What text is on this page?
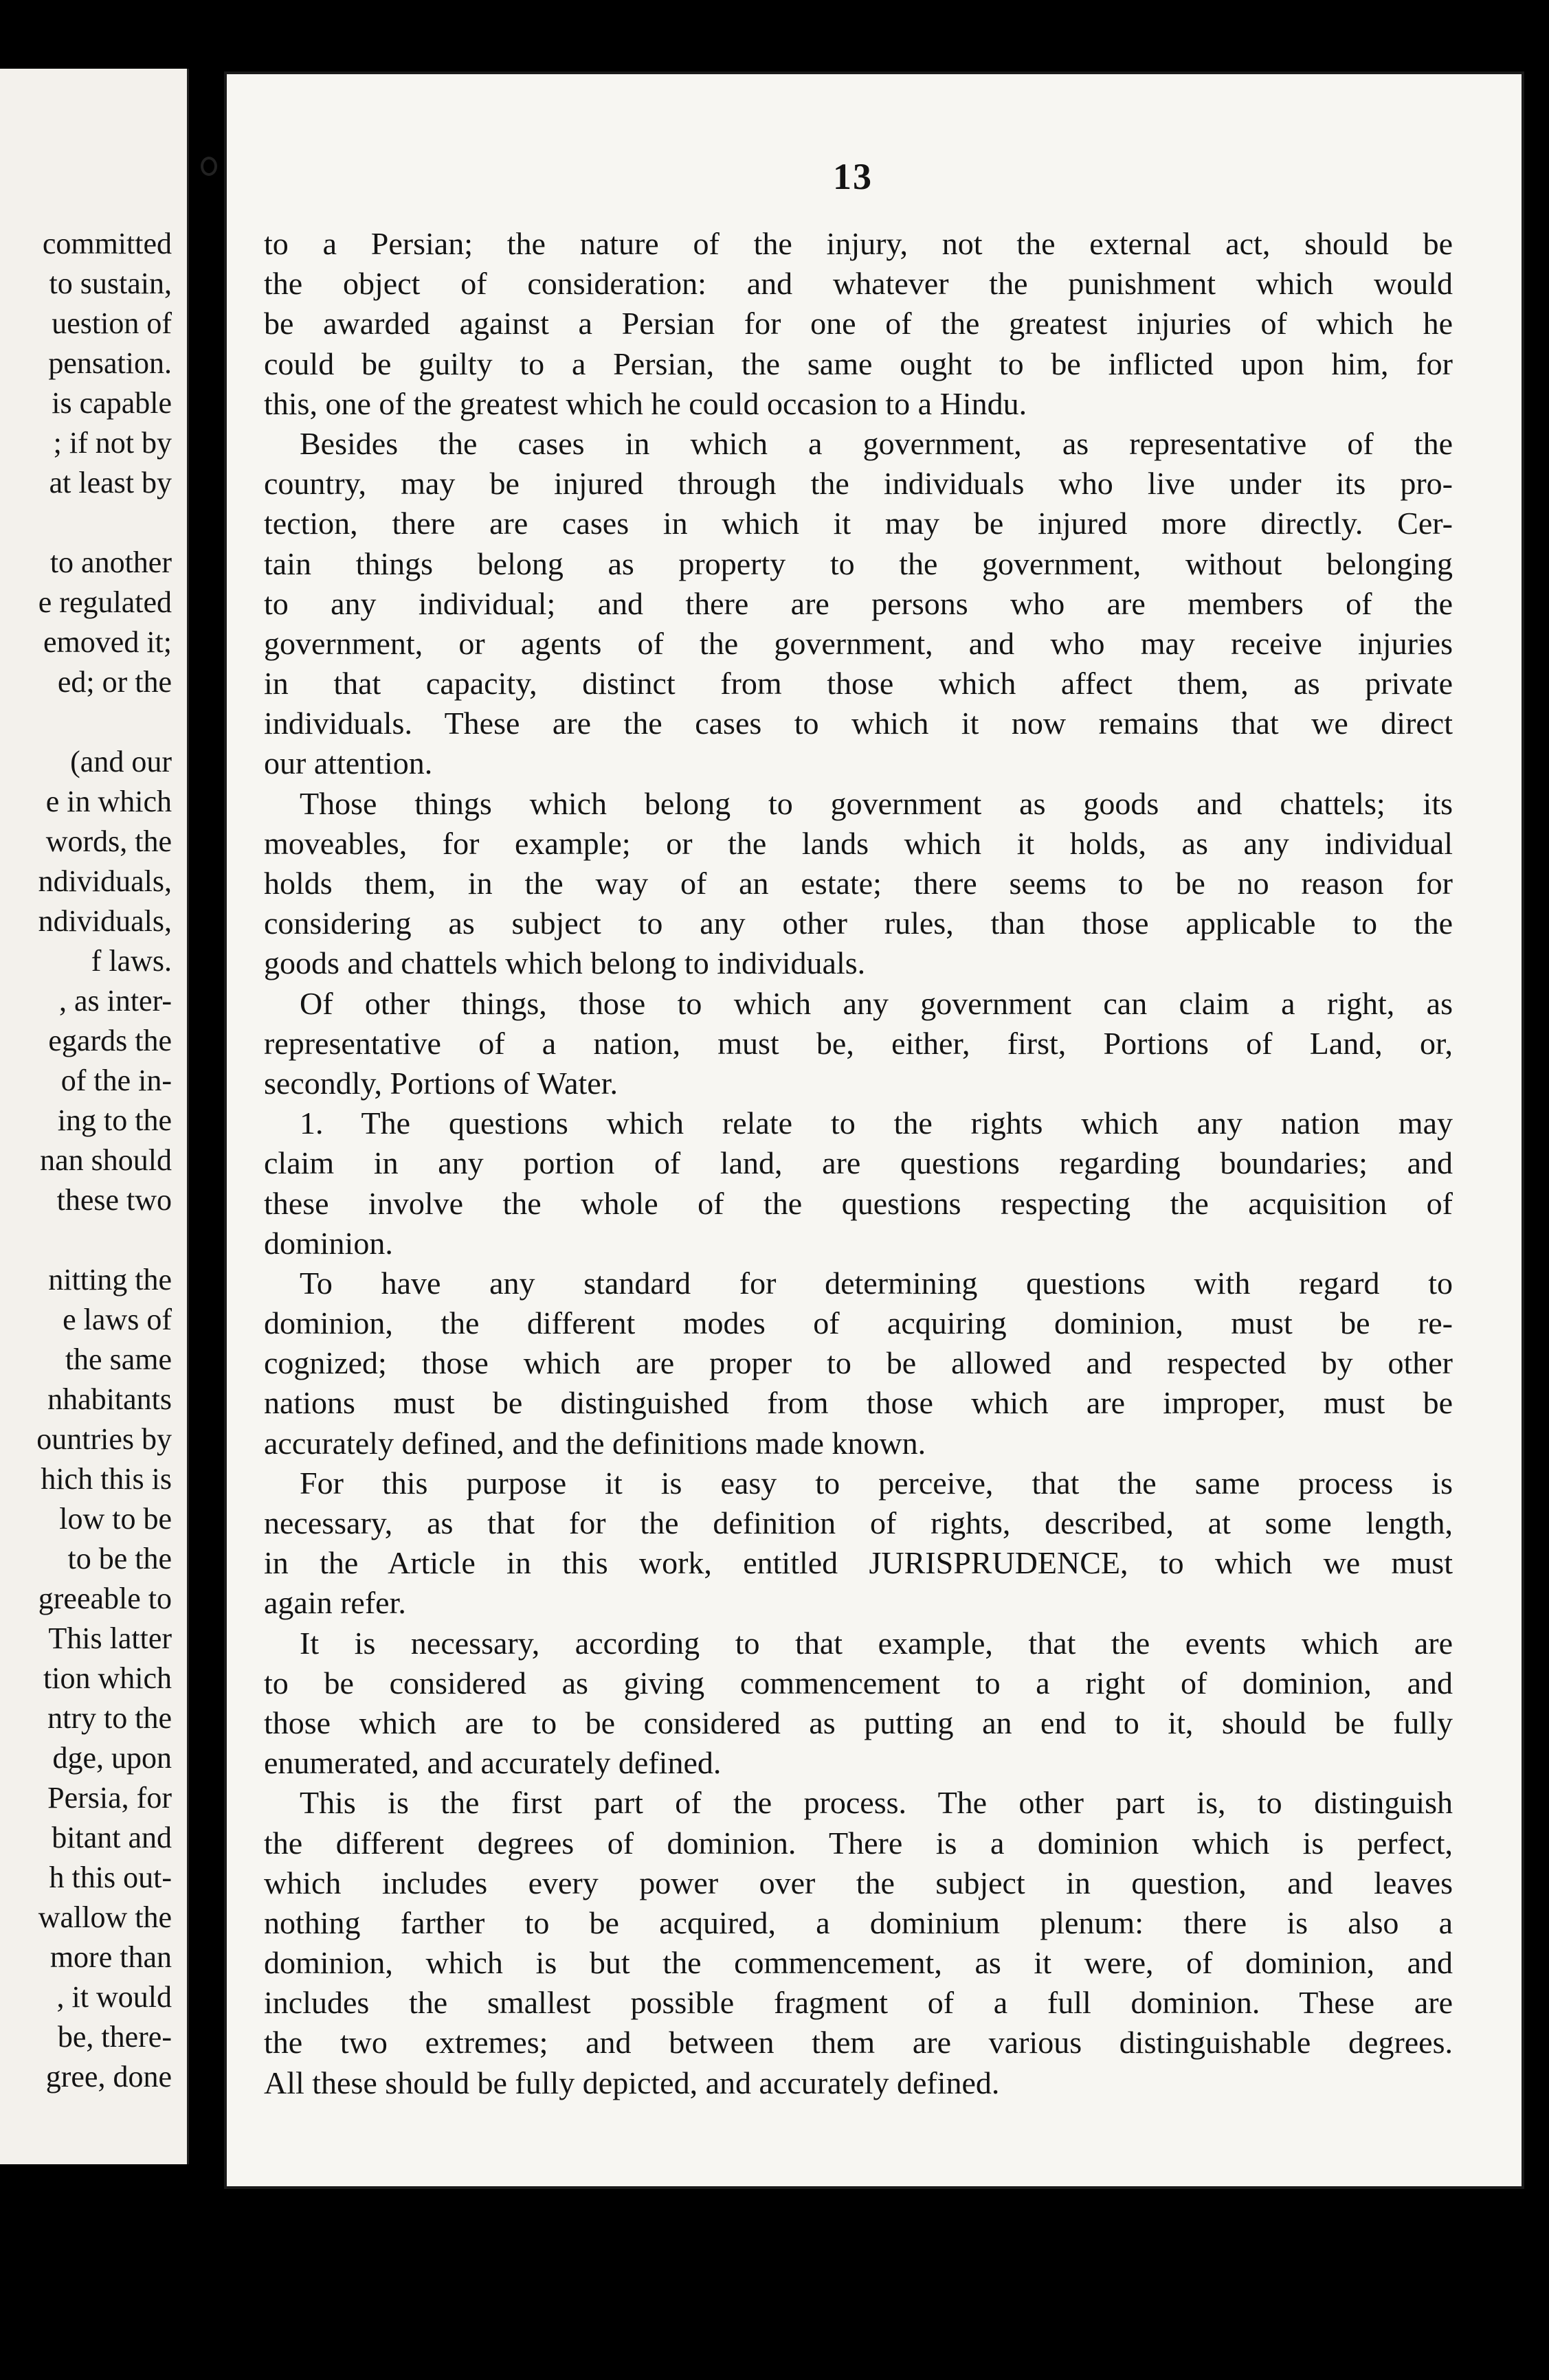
committed
to sustain,
uestion of
pensation.
is capable
; if not by
at least by
to another
e regulated
emoved it;
ed; or the
(and our
e in which
words, the
ndividuals,
ndividuals,
f laws.
, as inter-
egards the
of the in-
ing to the
nan should
these two
nitting the
e laws of
the same
nhabitants
ountries by
hich this is
low to be
to be the
greeable to
This latter
tion which
ntry to the
dge, upon
Persia, for
bitant and
h this out-
wallow the
more than
, it would
be, there-
gree, done
13
to a Persian; the nature of the injury, not the external act, should be
the object of consideration: and whatever the punishment which would
be awarded against a Persian for one of the greatest injuries of which he
could be guilty to a Persian, the same ought to be inflicted upon him, for
this, one of the greatest which he could occasion to a Hindu.
Besides the cases in which a government, as representative of the
country, may be injured through the individuals who live under its pro-
tection, there are cases in which it may be injured more directly. Cer-
tain things belong as property to the government, without belonging
to any individual; and there are persons who are members of the
government, or agents of the government, and who may receive injuries
in that capacity, distinct from those which affect them, as private
individuals. These are the cases to which it now remains that we direct
our attention.
Those things which belong to government as goods and chattels; its
moveables, for example; or the lands which it holds, as any individual
holds them, in the way of an estate; there seems to be no reason for
considering as subject to any other rules, than those applicable to the
goods and chattels which belong to individuals.
Of other things, those to which any government can claim a right, as
representative of a nation, must be, either, first, Portions of Land, or,
secondly, Portions of Water.
1. The questions which relate to the rights which any nation may
claim in any portion of land, are questions regarding boundaries; and
these involve the whole of the questions respecting the acquisition of
dominion.
To have any standard for determining questions with regard to
dominion, the different modes of acquiring dominion, must be re-
cognized; those which are proper to be allowed and respected by other
nations must be distinguished from those which are improper, must be
accurately defined, and the definitions made known.
For this purpose it is easy to perceive, that the same process is
necessary, as that for the definition of rights, described, at some length,
in the Article in this work, entitled JURISPRUDENCE, to which we must
again refer.
It is necessary, according to that example, that the events which are
to be considered as giving commencement to a right of dominion, and
those which are to be considered as putting an end to it, should be fully
enumerated, and accurately defined.
This is the first part of the process. The other part is, to distinguish
the different degrees of dominion. There is a dominion which is perfect,
which includes every power over the subject in question, and leaves
nothing farther to be acquired, a dominium plenum: there is also a
dominion, which is but the commencement, as it were, of dominion, and
includes the smallest possible fragment of a full dominion. These are
the two extremes; and between them are various distinguishable degrees.
All these should be fully depicted, and accurately defined.
